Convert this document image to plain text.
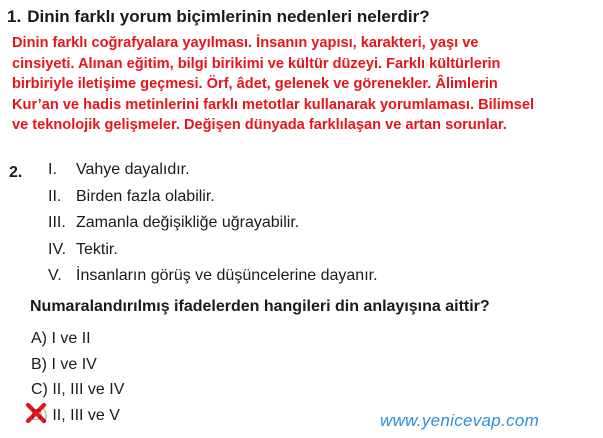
1. Dinin farklı yorum biçimlerinin nedenleri nelerdir?
Dinin farklı coğrafyalara yayılması. İnsanın yapısı, karakteri, yaşı ve
cinsiyeti. Alınan eğitim, bilgi birikimi ve kültür düzeyi. Farklı kültürlerin
birbiriyle iletişime geçmesi. Örf, âdet, gelenek ve görenekler. Âlimlerin
Kur’an ve hadis metinlerini farklı metotlar kullanarak yorumlaması. Bilimsel
ve teknolojik gelişmeler. Değişen dünyada farklılaşan ve artan sorunlar.
2. I. Vahye dayalıdır.
II. Birden fazla olabilir.
III. Zamanla değişikliğe uğrayabilir.
IV. Tektir.
V. İnsanların görüş ve düşüncelerine dayanır.
Numaralandırılmış ifadelerden hangileri din anlayışına aittir?
A) I ve II
B) I ve IV
C) II, III ve IV
D) II, III ve V	www.yenicevap.com
